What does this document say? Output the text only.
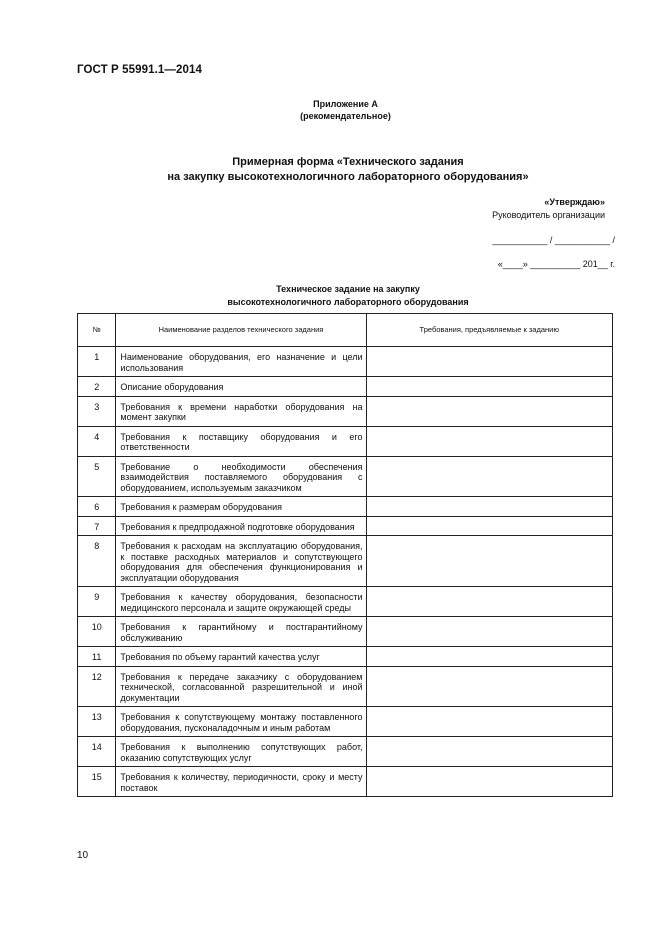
ГОСТ Р 55991.1—2014
Приложение А
(рекомендательное)
Примерная форма «Технического задания
на закупку высокотехнологичного лабораторного оборудования»
«Утверждаю»
Руководитель организации
___________ / ___________ /
«____» __________ 201__ г.
Техническое задание на закупку
высокотехнологичного лабораторного оборудования
№	Наименование разделов технического задания	Требования, предъявляемые к заданию
1	Наименование оборудования, его назначение и цели использования	
2	Описание оборудования	
3	Требования к времени наработки оборудования на момент закупки	
4	Требования к поставщику оборудования и его ответственности	
5	Требование о необходимости обеспечения взаимодействия поставляемого оборудования с оборудованием, используемым заказчиком	
6	Требования к размерам оборудования	
7	Требования к предпродажной подготовке оборудования	
8	Требования к расходам на эксплуатацию оборудования, к поставке расходных материалов и сопутствующего оборудования для обеспечения функционирования и эксплуатации оборудования	
9	Требования к качеству оборудования, безопасности медицинского персонала и защите окружающей среды	
10	Требования к гарантийному и постгарантийному обслуживанию	
11	Требования по объему гарантий качества услуг	
12	Требования к передаче заказчику с оборудованием технической, согласованной разрешительной и иной документации	
13	Требования к сопутствующему монтажу поставленного оборудования, пусконаладочным и иным работам	
14	Требования к выполнению сопутствующих работ, оказанию сопутствующих услуг	
15	Требования к количеству, периодичности, сроку и месту поставок	
10
